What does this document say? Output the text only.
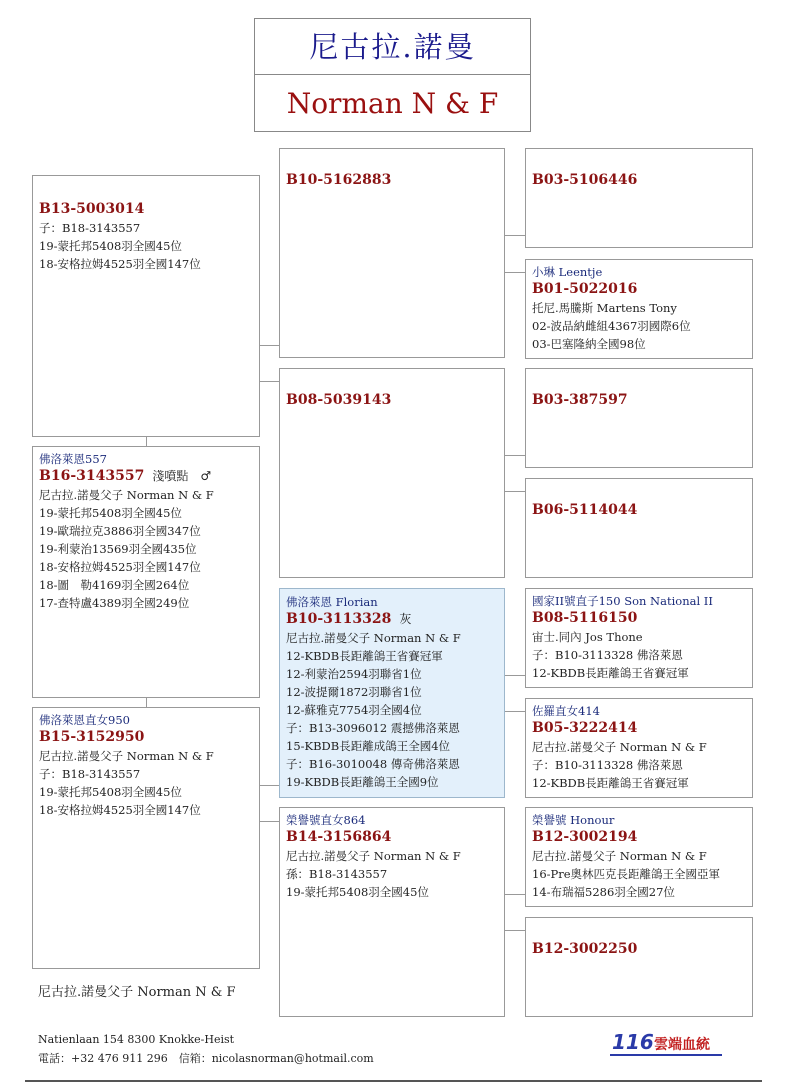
尼古拉.諾曼
Norman N & F
B13-5003014
子：B18-3143557
19-蒙托邦5408羽全國45位
18-安格拉姆4525羽全國147位
佛洛萊恩557
B16-3143557 淺噴點　♂
尼古拉.諾曼父子 Norman N & F
19-蒙托邦5408羽全國45位
19-歐瑞拉克3886羽全國347位
19-利蒙治13569羽全國435位
18-安格拉姆4525羽全國147位
18-圖　勒4169羽全國264位
17-查特盧4389羽全國249位
佛洛萊恩直女950
B15-3152950
尼古拉.諾曼父子 Norman N & F
子：B18-3143557
19-蒙托邦5408羽全國45位
18-安格拉姆4525羽全國147位
B10-5162883
B08-5039143
佛洛萊恩 Florian
B10-3113328 灰
尼古拉.諾曼父子 Norman N & F
12-KBDB長距離鴿王省賽冠軍
12-利蒙治2594羽聯省1位
12-波提爾1872羽聯省1位
12-蘇雅克7754羽全國4位
子：B13-3096012 震撼佛洛萊恩
15-KBDB長距離成鴿王全國4位
子：B16-3010048 傳奇佛洛萊恩
19-KBDB長距離鴿王全國9位
榮譽號直女864
B14-3156864
尼古拉.諾曼父子 Norman N & F
孫：B18-3143557
19-蒙托邦5408羽全國45位
B03-5106446
小琳 Leentje
B01-5022016
托尼.馬騰斯 Martens Tony
02-波品納雌組4367羽國際6位
03-巴塞隆納全國98位
B03-387597
B06-5114044
國家II號直子150 Son National II
B08-5116150
宙士.同內 Jos Thone
子：B10-3113328 佛洛萊恩
12-KBDB長距離鴿王省賽冠軍
佐羅直女414
B05-3222414
尼古拉.諾曼父子 Norman N & F
子：B10-3113328 佛洛萊恩
12-KBDB長距離鴿王省賽冠軍
榮譽號 Honour
B12-3002194
尼古拉.諾曼父子 Norman N & F
16-Pre奧林匹克長距離鴿王全國亞軍
14-布瑞福5286羽全國27位
B12-3002250
尼古拉.諾曼父子 Norman N & F
Natienlaan 154 8300 Knokke-Heist
電話：+32 476 911 296　信箱：nicolasnorman@hotmail.com
116 雲端血統
